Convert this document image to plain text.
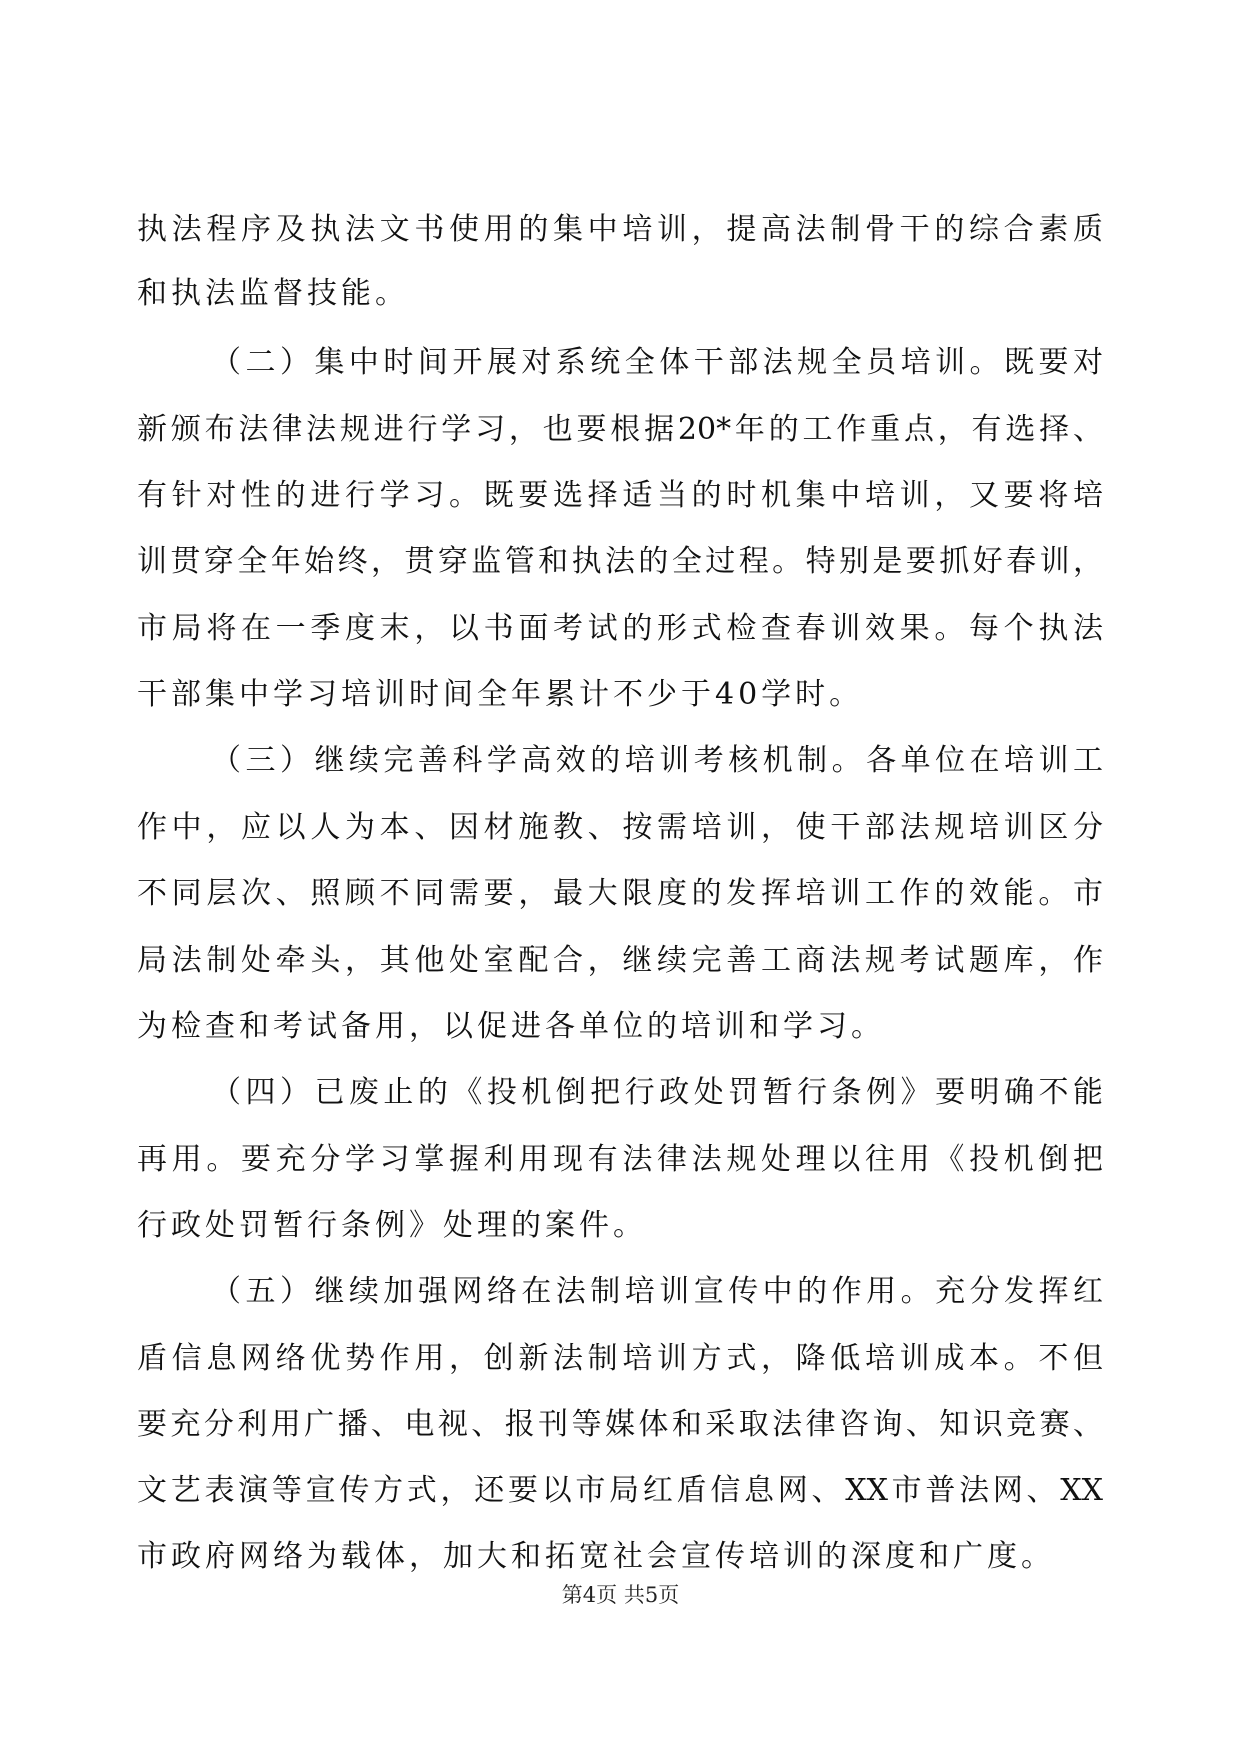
执法程序及执法文书使用的集中培训，提高法制骨干的综合素质
和执法监督技能。
（二）集中时间开展对系统全体干部法规全员培训。既要对
新颁布法律法规进行学习，也要根据20*年的工作重点，有选择、
有针对性的进行学习。既要选择适当的时机集中培训，又要将培
训贯穿全年始终，贯穿监管和执法的全过程。特别是要抓好春训，
市局将在一季度末，以书面考试的形式检查春训效果。每个执法
干部集中学习培训时间全年累计不少于40学时。
（三）继续完善科学高效的培训考核机制。各单位在培训工
作中，应以人为本、因材施教、按需培训，使干部法规培训区分
不同层次、照顾不同需要，最大限度的发挥培训工作的效能。市
局法制处牵头，其他处室配合，继续完善工商法规考试题库，作
为检查和考试备用，以促进各单位的培训和学习。
（四）已废止的《投机倒把行政处罚暂行条例》要明确不能
再用。要充分学习掌握利用现有法律法规处理以往用《投机倒把
行政处罚暂行条例》处理的案件。
（五）继续加强网络在法制培训宣传中的作用。充分发挥红
盾信息网络优势作用，创新法制培训方式，降低培训成本。不但
要充分利用广播、电视、报刊等媒体和采取法律咨询、知识竞赛、
文艺表演等宣传方式，还要以市局红盾信息网、XX市普法网、XX
市政府网络为载体，加大和拓宽社会宣传培训的深度和广度。
第4页 共5页
